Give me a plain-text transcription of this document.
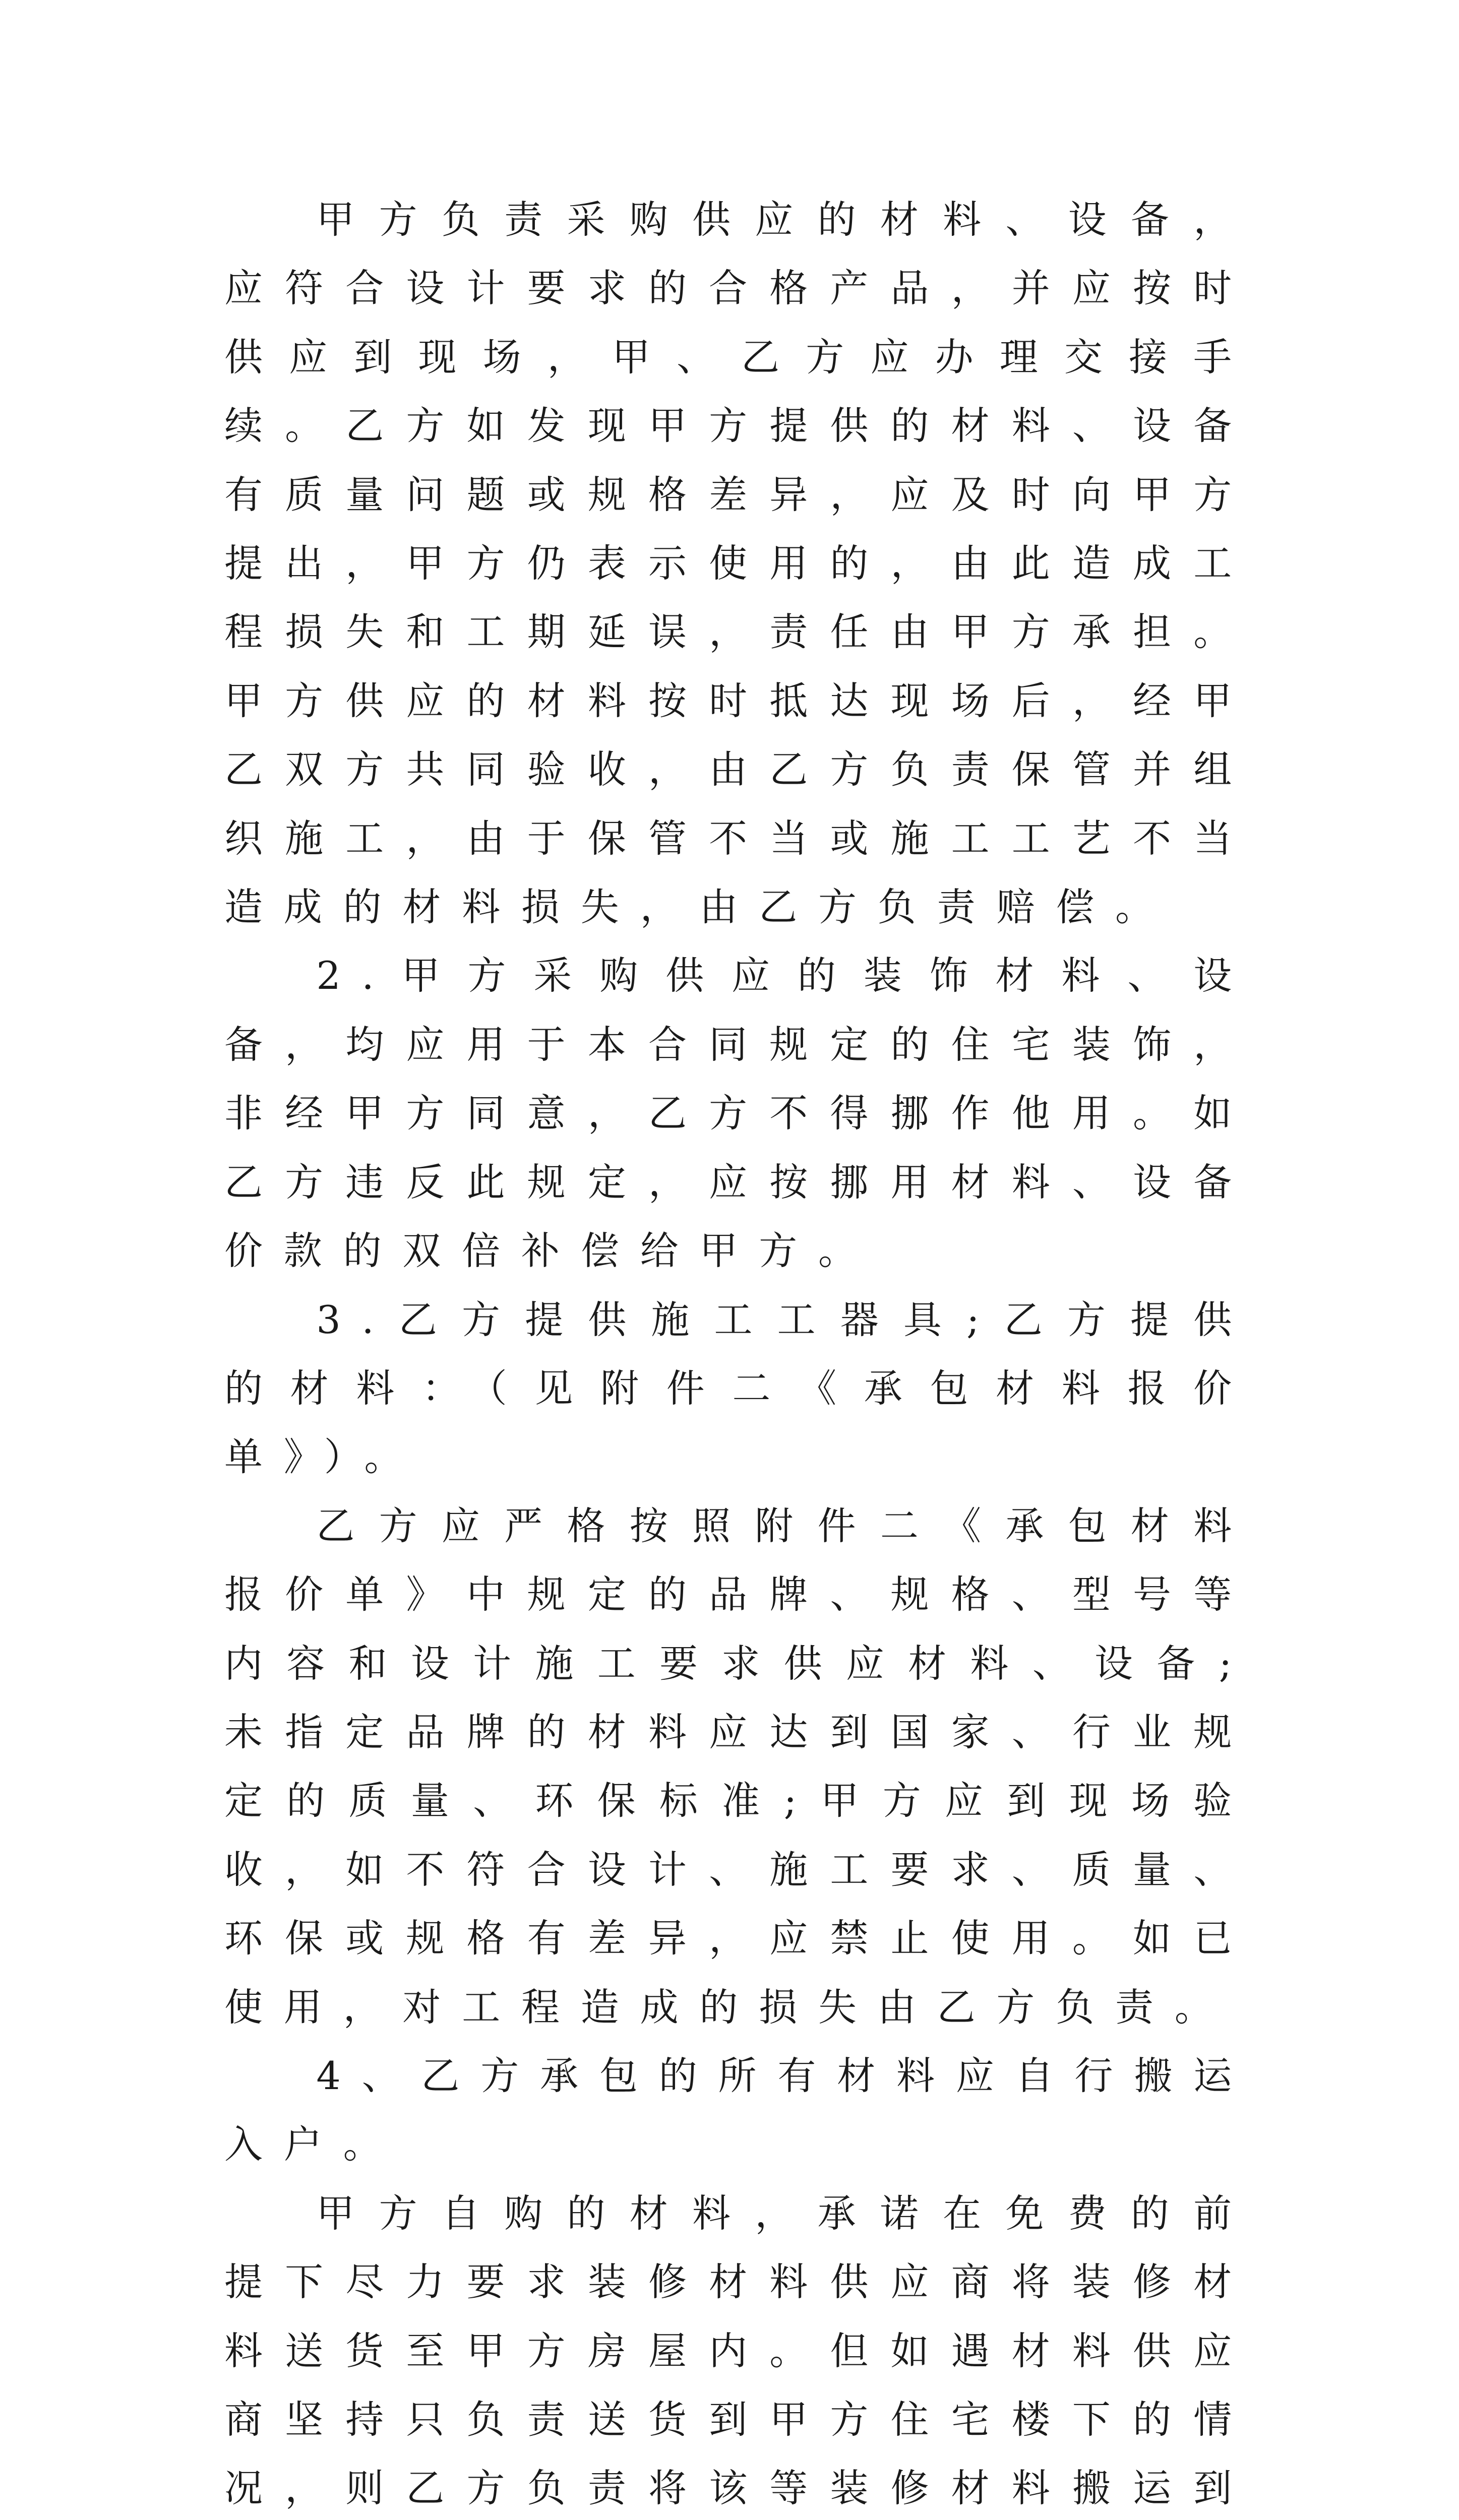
甲方负责采购供应的材料、设备，应符合设计要求的合格产品，并应按时供应到现场，甲、乙方应办理交接手续。乙方如发现甲方提供的材料、设备有质量问题或规格差异，应及时向甲方提出，甲方仍表示使用的，由此造成工程损失和工期延误，责任由甲方承担。甲方供应的材料按时抵达现场后，经甲乙双方共同验收，由乙方负责保管并组织施工，由于保管不当或施工工艺不当造成的材料损失，由乙方负责赔偿。

2.甲方采购供应的装饰材料、设备，均应用于本合同规定的住宅装饰，非经甲方同意，乙方不得挪作他用。如乙方违反此规定，应按挪用材料、设备价款的双倍补偿给甲方。

3.乙方提供施工工器具;乙方提供的材料：（见附件二《承包材料报价单》）。

乙方应严格按照附件二《承包材料报价单》中规定的品牌、规格、型号等内容和设计施工要求供应材料、设备;未指定品牌的材料应达到国家、行业规定的质量、环保标准;甲方应到现场验收，如不符合设计、施工要求、质量、环保或规格有差异，应禁止使用。如已使用，对工程造成的损失由乙方负责。

4、乙方承包的所有材料应自行搬运入户。

甲方自购的材料，承诺在免费的前提下尽力要求装修材料供应商将装修材料送货至甲方房屋内。但如遇材料供应商坚持只负责送货到甲方住宅楼下的情况，则乙方负责将该等装修材料搬运到
